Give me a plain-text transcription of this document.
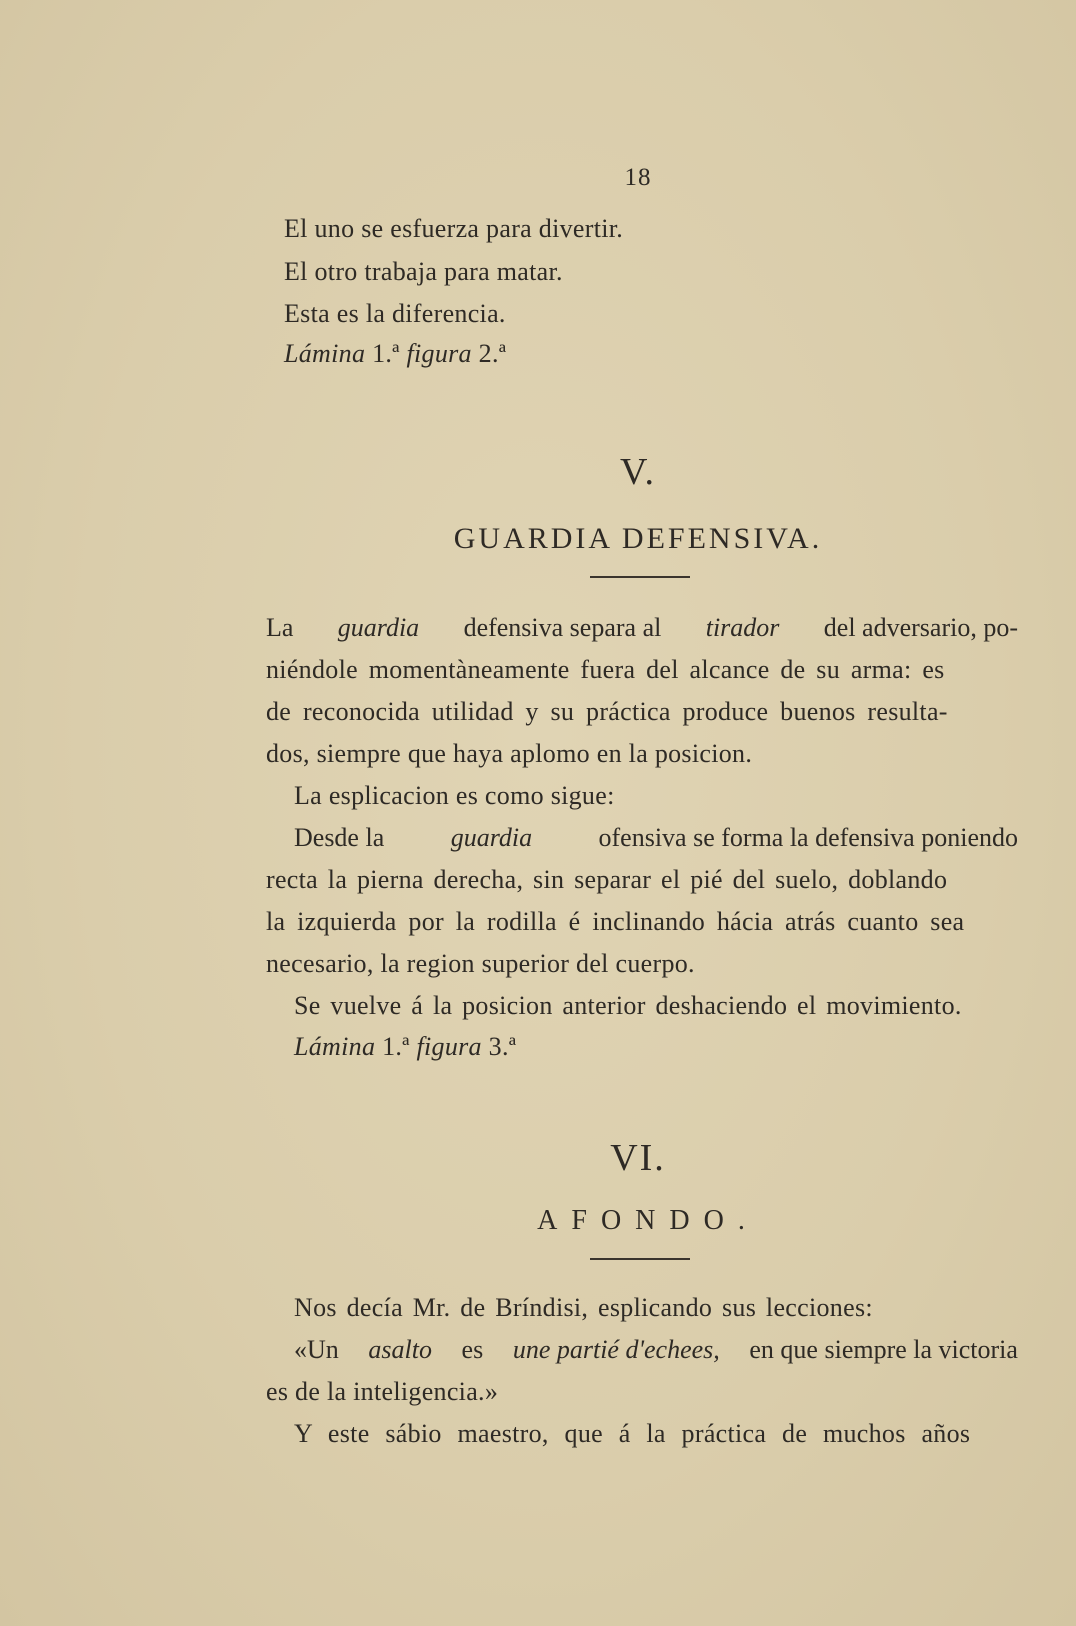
18
El uno se esfuerza para divertir.
El otro trabaja para matar.
Esta es la diferencia.
Lámina 1.ª figura 2.ª
V.
GUARDIA DEFENSIVA.
La guardia defensiva separa al tirador del adversario, po-
niéndole momentàneamente fuera del alcance de su arma: es
de reconocida utilidad y su práctica produce buenos resulta-
dos, siempre que haya aplomo en la posicion.
La esplicacion es como sigue:
Desde la	guardia	ofensiva se forma la defensiva poniendo
recta la pierna derecha, sin separar el pié del suelo, doblando
la izquierda por la rodilla é inclinando hácia atrás cuanto sea
necesario, la region superior del cuerpo.
Se vuelve á la posicion anterior deshaciendo el movimiento.
Lámina 1.ª figura 3.ª
VI.
AFONDO.
Nos decía Mr. de Bríndisi, esplicando sus lecciones:
«Un asalto es une partié d'echees, en que siempre la victoria
es de la inteligencia.»
Y este sábio maestro, que á la práctica de muchos años
